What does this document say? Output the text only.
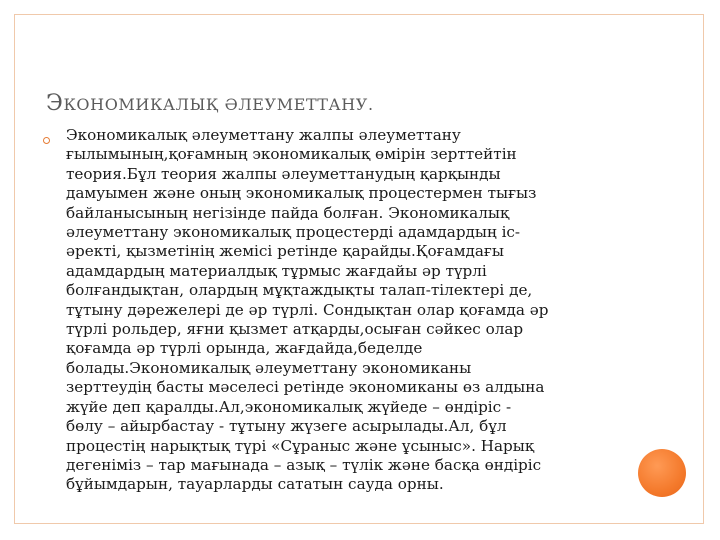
ЭКОНОМИКАЛЫҚ ӘЛЕУМЕТТАНУ.

Экономикалық әлеуметтану жалпы әлеуметтану
ғылымының,қоғамның экономикалық өмірін зерттейтін
теория.Бұл теория жалпы әлеуметтанудың қарқынды
дамуымен және оның экономикалық процестермен тығыз
байланысының негізінде пайда болған. Экономикалық
әлеуметтану экономикалық процестерді адамдардың іс-
әректі, қызметінің жемісі ретінде қарайды.Қоғамдағы
адамдардың материалдық тұрмыс жағдайы әр түрлі
болғандықтан, олардың мұқтаждықты талап-тілектері де,
тұтыну дәрежелері де әр түрлі. Сондықтан олар қоғамда әр
түрлі рольдер, яғни қызмет атқарды,осыған сәйкес олар
қоғамда әр түрлі орында, жағдайда,беделде
болады.Экономикалық әлеуметтану экономиканы
зерттеудің басты мәселесі ретінде экономиканы өз алдына
жүйе деп қаралды.Ал,экономикалық жүйеде – өндіріс -
бөлу – айырбастау - тұтыну жүзеге асырылады.Ал, бұл
процестің нарықтық түрі «Сұраныс және ұсыныс». Нарық
дегеніміз – тар мағынада – азық – түлік және басқа өндіріс
бұйымдарын, тауарларды сататын сауда орны.
